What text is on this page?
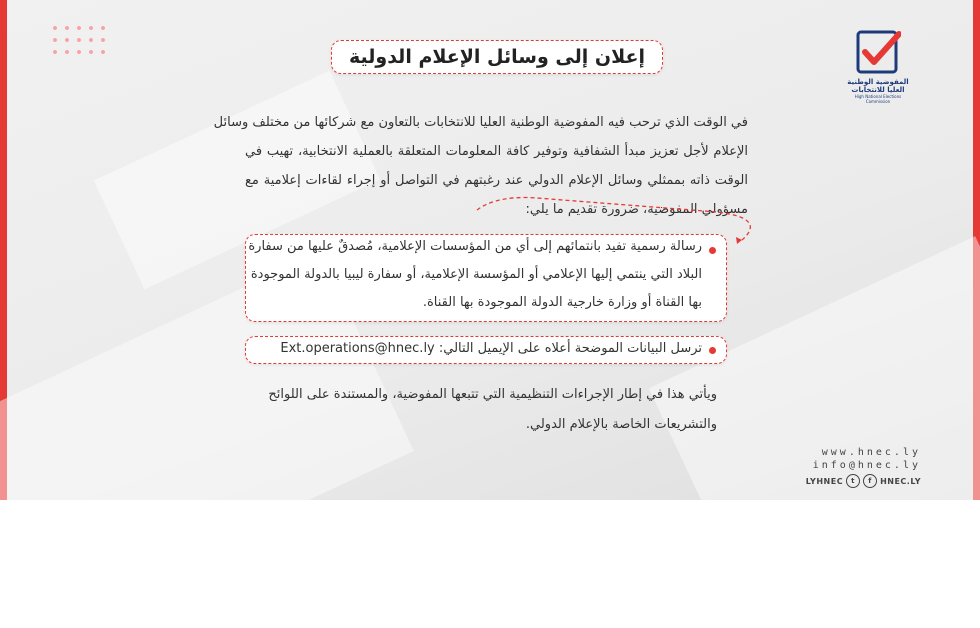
المفوضية الوطنية العليا للانتخابات
High National Elections Commission
إعلان إلى وسائل الإعلام الدولية
في الوقت الذي ترحب فيه المفوضية الوطنية العليا للانتخابات بالتعاون مع شركائها من مختلف وسائل
الإعلام لأجل تعزيز مبدأ الشفافية وتوفير كافة المعلومات المتعلقة بالعملية الانتخابية، تهيب في
الوقت ذاته بممثلي وسائل الإعلام الدولي عند رغبتهم في التواصل أو إجراء لقاءات إعلامية مع
مسؤولي المفوضية، ضرورة تقديم ما يلي:
رسالة رسمية تفيد بانتمائهم إلى أي من المؤسسات الإعلامية، مُصدقٌ عليها من سفارة
البلاد التي ينتمي إليها الإعلامي أو المؤسسة الإعلامية، أو سفارة ليبيا بالدولة الموجودة
بها القناة أو وزارة خارجية الدولة الموجودة بها القناة.
ترسل البيانات الموضحة أعلاه على الإيميل التالي: Ext.operations@hnec.ly
ويأتي هذا في إطار الإجراءات التنظيمية التي تتبعها المفوضية، والمستندة على اللوائح
والتشريعات الخاصة بالإعلام الدولي.
www.hnec.ly
info@hnec.ly
LYHNEC	t	f	HNEC.LY
